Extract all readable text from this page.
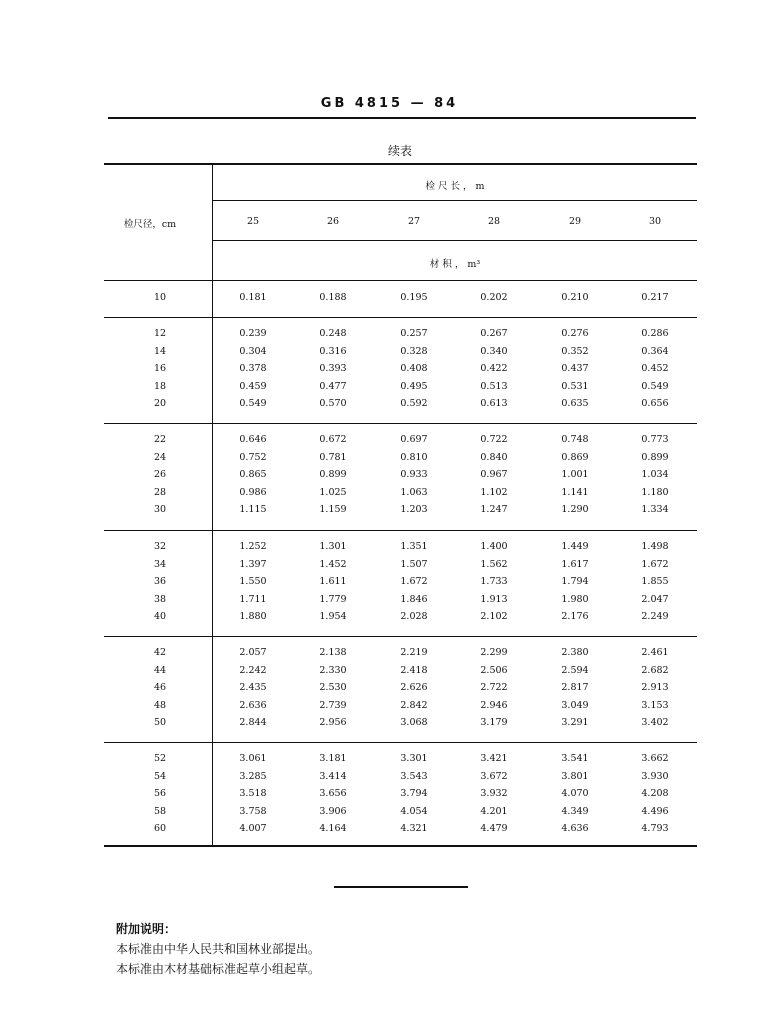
GB 4815 — 84
续表
检尺径，cm
检 尺 长 ， m
材 积 ， m³
25	26	27	28	29	30
10	0.181	0.188	0.195	0.202	0.210	0.217
12	0.239	0.248	0.257	0.267	0.276	0.286
14	0.304	0.316	0.328	0.340	0.352	0.364
16	0.378	0.393	0.408	0.422	0.437	0.452
18	0.459	0.477	0.495	0.513	0.531	0.549
20	0.549	0.570	0.592	0.613	0.635	0.656
22	0.646	0.672	0.697	0.722	0.748	0.773
24	0.752	0.781	0.810	0.840	0.869	0.899
26	0.865	0.899	0.933	0.967	1.001	1.034
28	0.986	1.025	1.063	1.102	1.141	1.180
30	1.115	1.159	1.203	1.247	1.290	1.334
32	1.252	1.301	1.351	1.400	1.449	1.498
34	1.397	1.452	1.507	1.562	1.617	1.672
36	1.550	1.611	1.672	1.733	1.794	1.855
38	1.711	1.779	1.846	1.913	1.980	2.047
40	1.880	1.954	2.028	2.102	2.176	2.249
42	2.057	2.138	2.219	2.299	2.380	2.461
44	2.242	2.330	2.418	2.506	2.594	2.682
46	2.435	2.530	2.626	2.722	2.817	2.913
48	2.636	2.739	2.842	2.946	3.049	3.153
50	2.844	2.956	3.068	3.179	3.291	3.402
52	3.061	3.181	3.301	3.421	3.541	3.662
54	3.285	3.414	3.543	3.672	3.801	3.930
56	3.518	3.656	3.794	3.932	4.070	4.208
58	3.758	3.906	4.054	4.201	4.349	4.496
60	4.007	4.164	4.321	4.479	4.636	4.793
附加说明：
本标准由中华人民共和国林业部提出。
本标准由木材基础标准起草小组起草。
